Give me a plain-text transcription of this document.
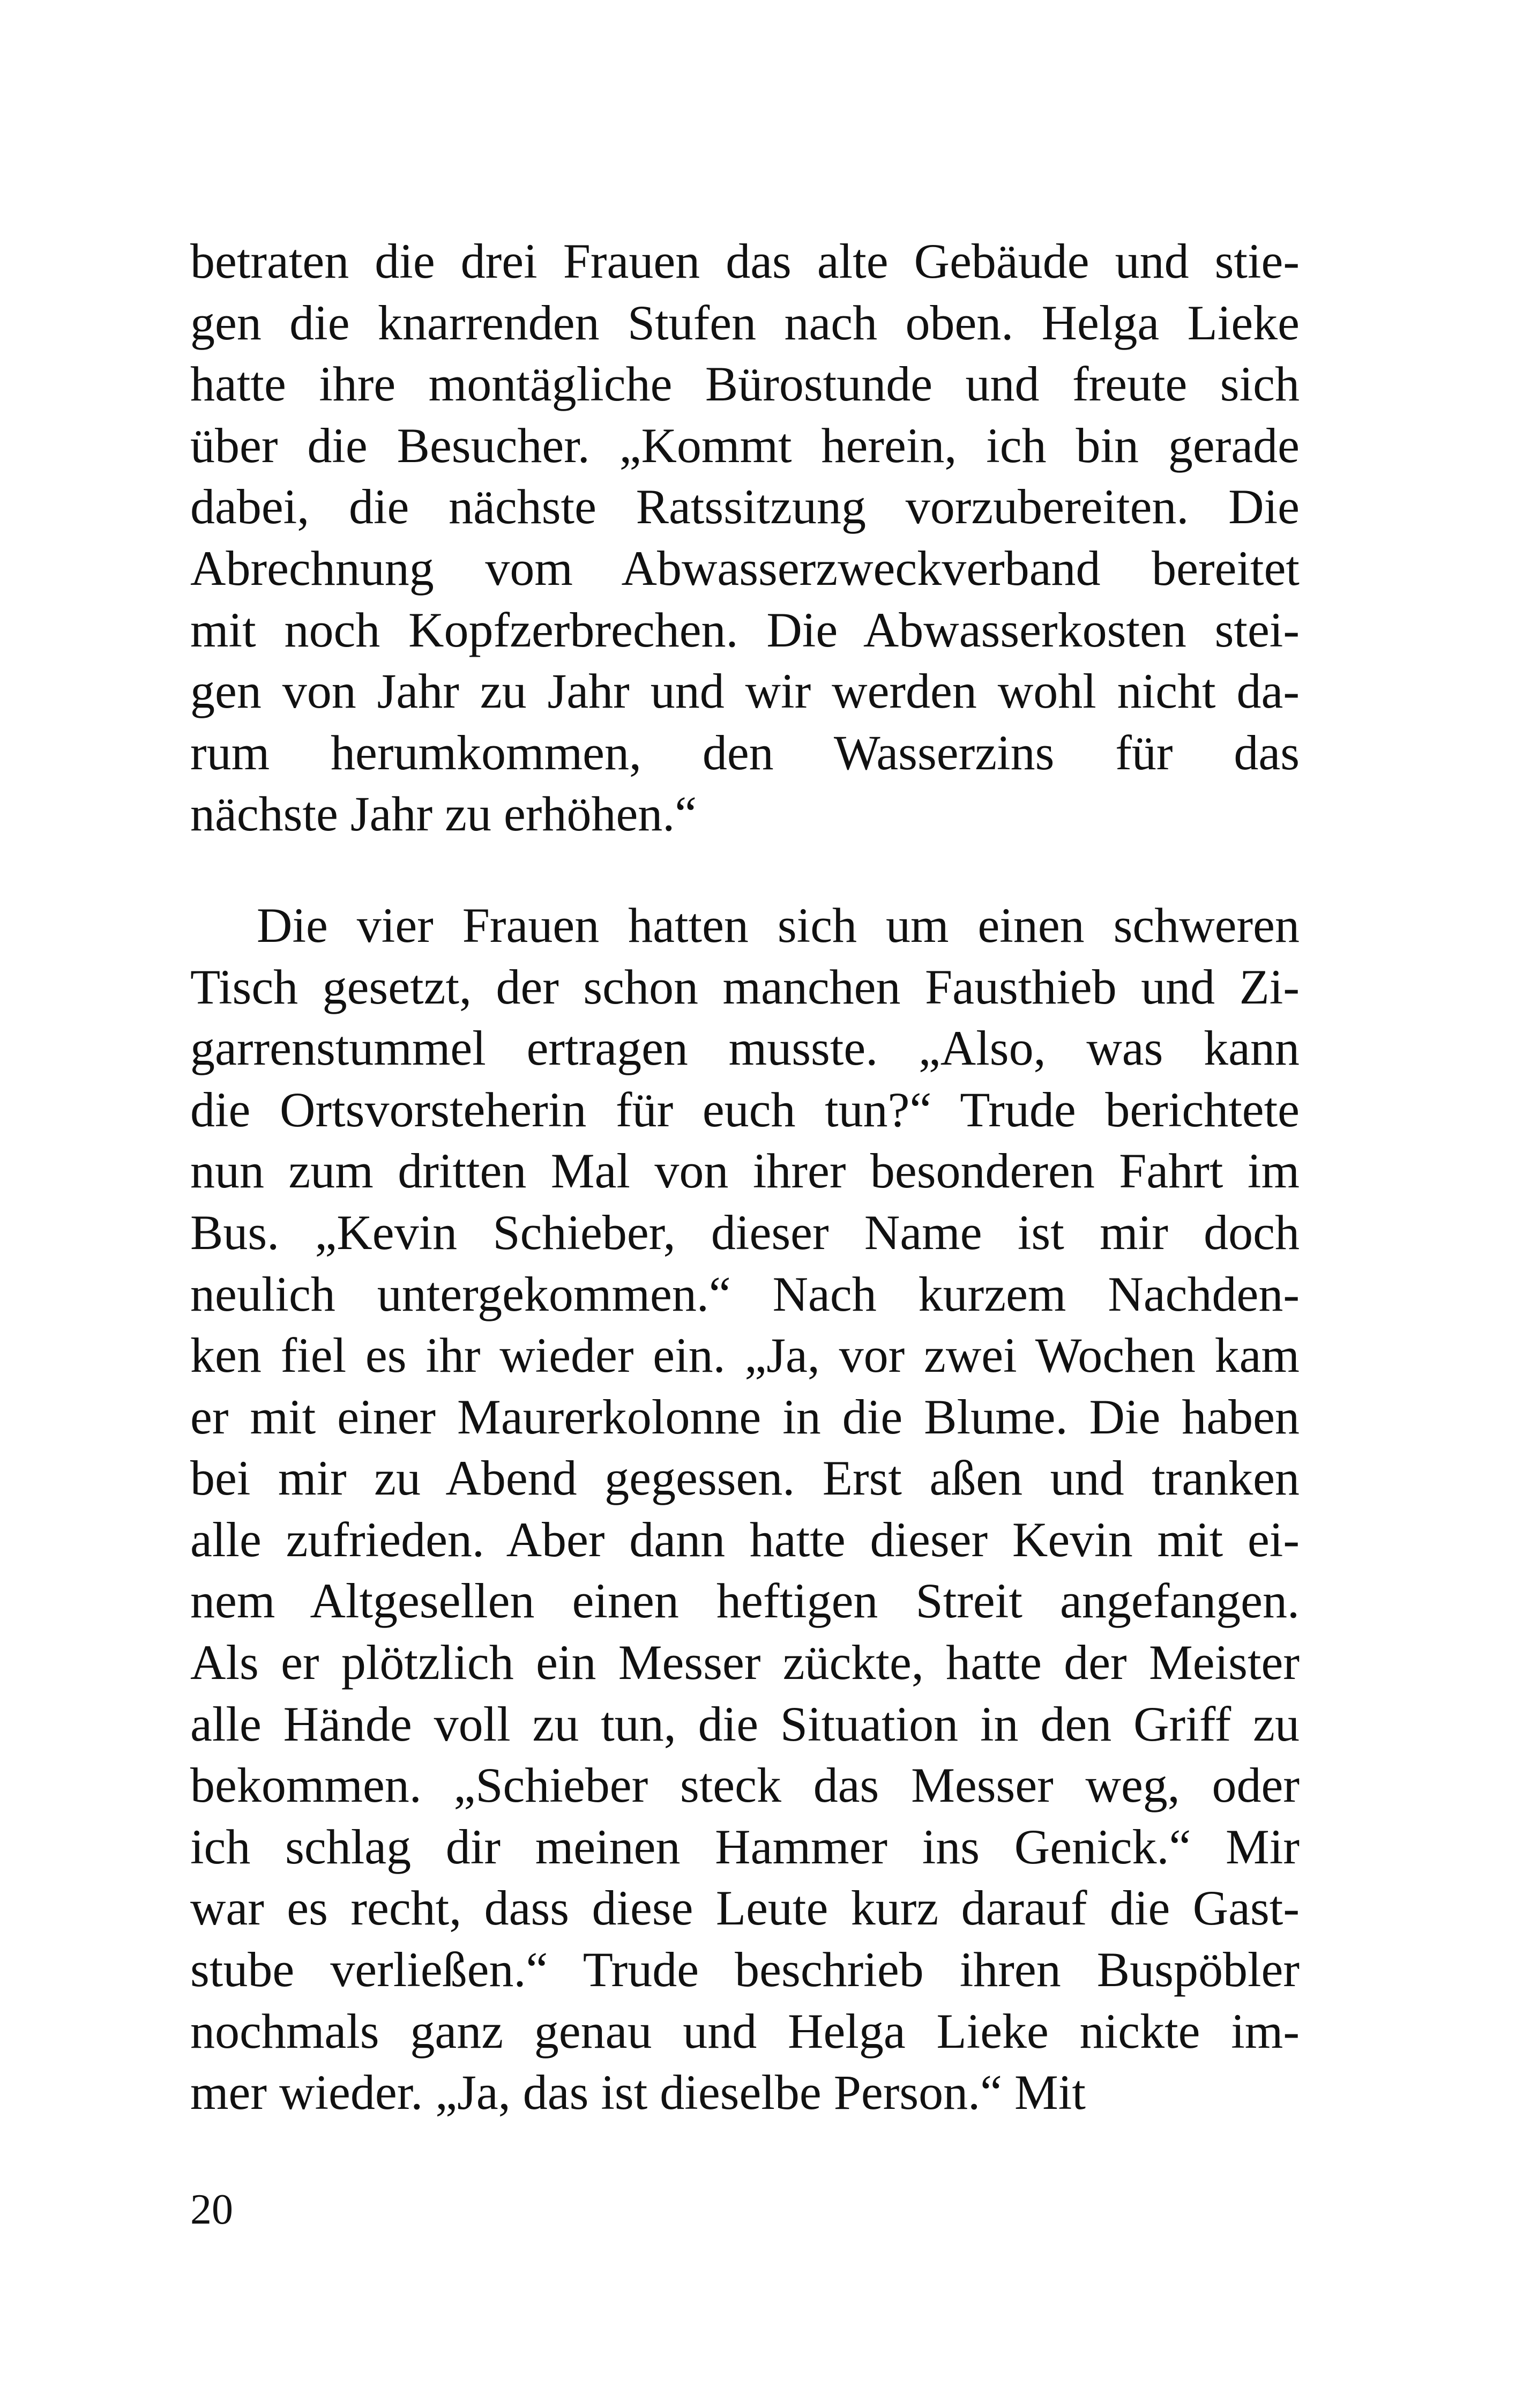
betraten die drei Frauen das alte Gebäude und stie-
gen die knarrenden Stufen nach oben. Helga Lieke
hatte ihre montägliche Bürostunde und freute sich
über die Besucher. „Kommt herein, ich bin gerade
dabei, die nächste Ratssitzung vorzubereiten. Die
Abrechnung vom Abwasserzweckverband bereitet
mit noch Kopfzerbrechen. Die Abwasserkosten stei-
gen von Jahr zu Jahr und wir werden wohl nicht da-
rum herumkommen, den Wasserzins für das
nächste Jahr zu erhöhen.“
Die vier Frauen hatten sich um einen schweren
Tisch gesetzt, der schon manchen Fausthieb und Zi-
garrenstummel ertragen musste. „Also, was kann
die Ortsvorsteherin für euch tun?“ Trude berichtete
nun zum dritten Mal von ihrer besonderen Fahrt im
Bus. „Kevin Schieber, dieser Name ist mir doch
neulich untergekommen.“ Nach kurzem Nachden-
ken fiel es ihr wieder ein. „Ja, vor zwei Wochen kam
er mit einer Maurerkolonne in die Blume. Die haben
bei mir zu Abend gegessen. Erst aßen und tranken
alle zufrieden. Aber dann hatte dieser Kevin mit ei-
nem Altgesellen einen heftigen Streit angefangen.
Als er plötzlich ein Messer zückte, hatte der Meister
alle Hände voll zu tun, die Situation in den Griff zu
bekommen. „Schieber steck das Messer weg, oder
ich schlag dir meinen Hammer ins Genick.“ Mir
war es recht, dass diese Leute kurz darauf die Gast-
stube verließen.“ Trude beschrieb ihren Buspöbler
nochmals ganz genau und Helga Lieke nickte im-
mer wieder. „Ja, das ist dieselbe Person.“ Mit
20
